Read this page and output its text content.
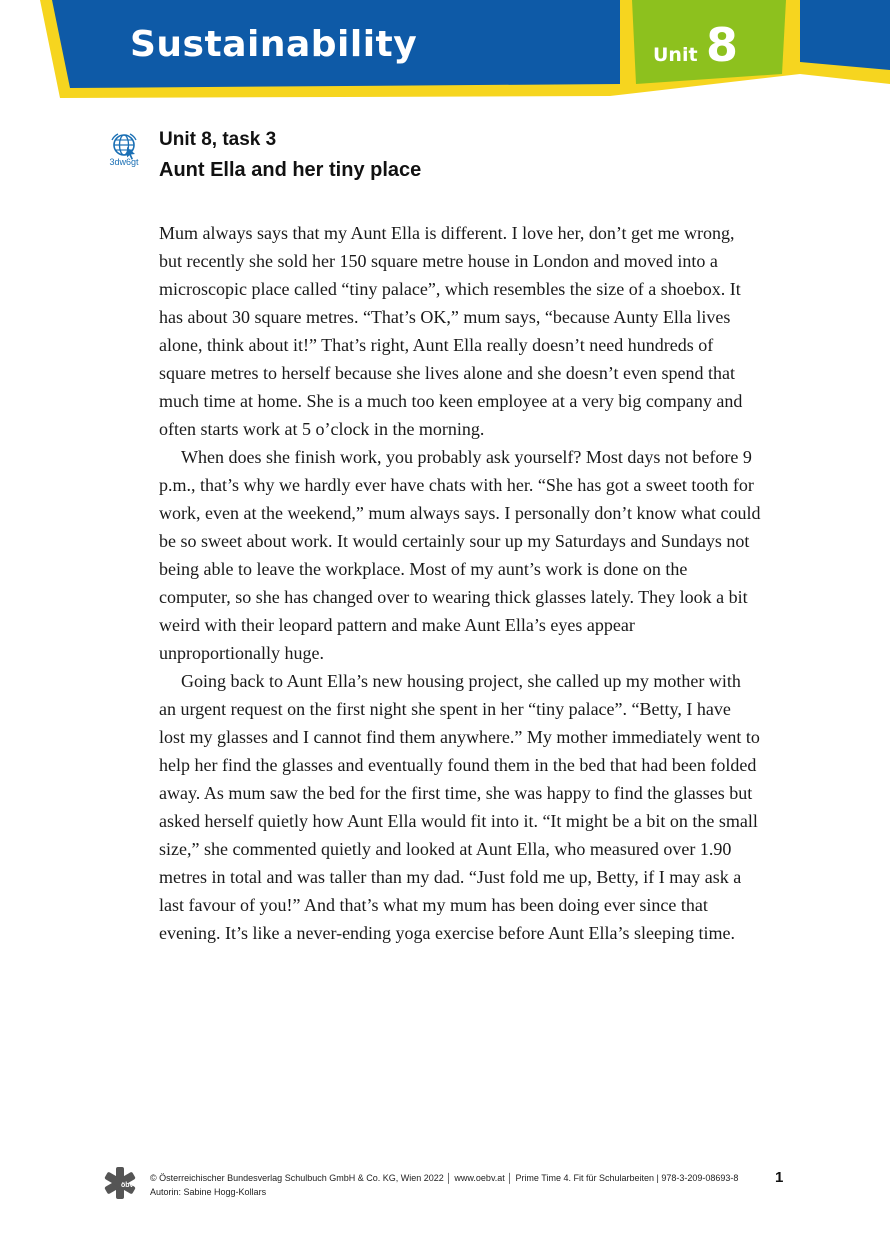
Sustainability	Unit 8
3dw6gt
Unit 8, task 3
Aunt Ella and her tiny place
Mum always says that my Aunt Ella is different. I love her, don’t get me wrong,
but recently she sold her 150 square metre house in London and moved into a
microscopic place called “tiny palace”, which resembles the size of a shoebox. It
has about 30 square metres. “That’s OK,” mum says, “because Aunty Ella lives
alone, think about it!” That’s right, Aunt Ella really doesn’t need hundreds of
square metres to herself because she lives alone and she doesn’t even spend that
much time at home. She is a much too keen employee at a very big company and
often starts work at 5 o’clock in the morning.
When does she finish work, you probably ask yourself? Most days not before 9
p.m., that’s why we hardly ever have chats with her. “She has got a sweet tooth for
work, even at the weekend,” mum always says. I personally don’t know what could
be so sweet about work. It would certainly sour up my Saturdays and Sundays not
being able to leave the workplace. Most of my aunt’s work is done on the
computer, so she has changed over to wearing thick glasses lately. They look a bit
weird with their leopard pattern and make Aunt Ella’s eyes appear
unproportionally huge.
Going back to Aunt Ella’s new housing project, she called up my mother with
an urgent request on the first night she spent in her “tiny palace”. “Betty, I have
lost my glasses and I cannot find them anywhere.” My mother immediately went to
help her find the glasses and eventually found them in the bed that had been folded
away. As mum saw the bed for the first time, she was happy to find the glasses but
asked herself quietly how Aunt Ella would fit into it. “It might be a bit on the small
size,” she commented quietly and looked at Aunt Ella, who measured over 1.90
metres in total and was taller than my dad. “Just fold me up, Betty, if I may ask a
last favour of you!” And that’s what my mum has been doing ever since that
evening. It’s like a never-ending yoga exercise before Aunt Ella’s sleeping time.
öbv
© Österreichischer Bundesverlag Schulbuch GmbH & Co. KG, Wien 2022 │ www.oebv.at │ Prime Time 4. Fit für Schularbeiten | 978-3-209-08693-8
Autorin: Sabine Hogg-Kollars
1
